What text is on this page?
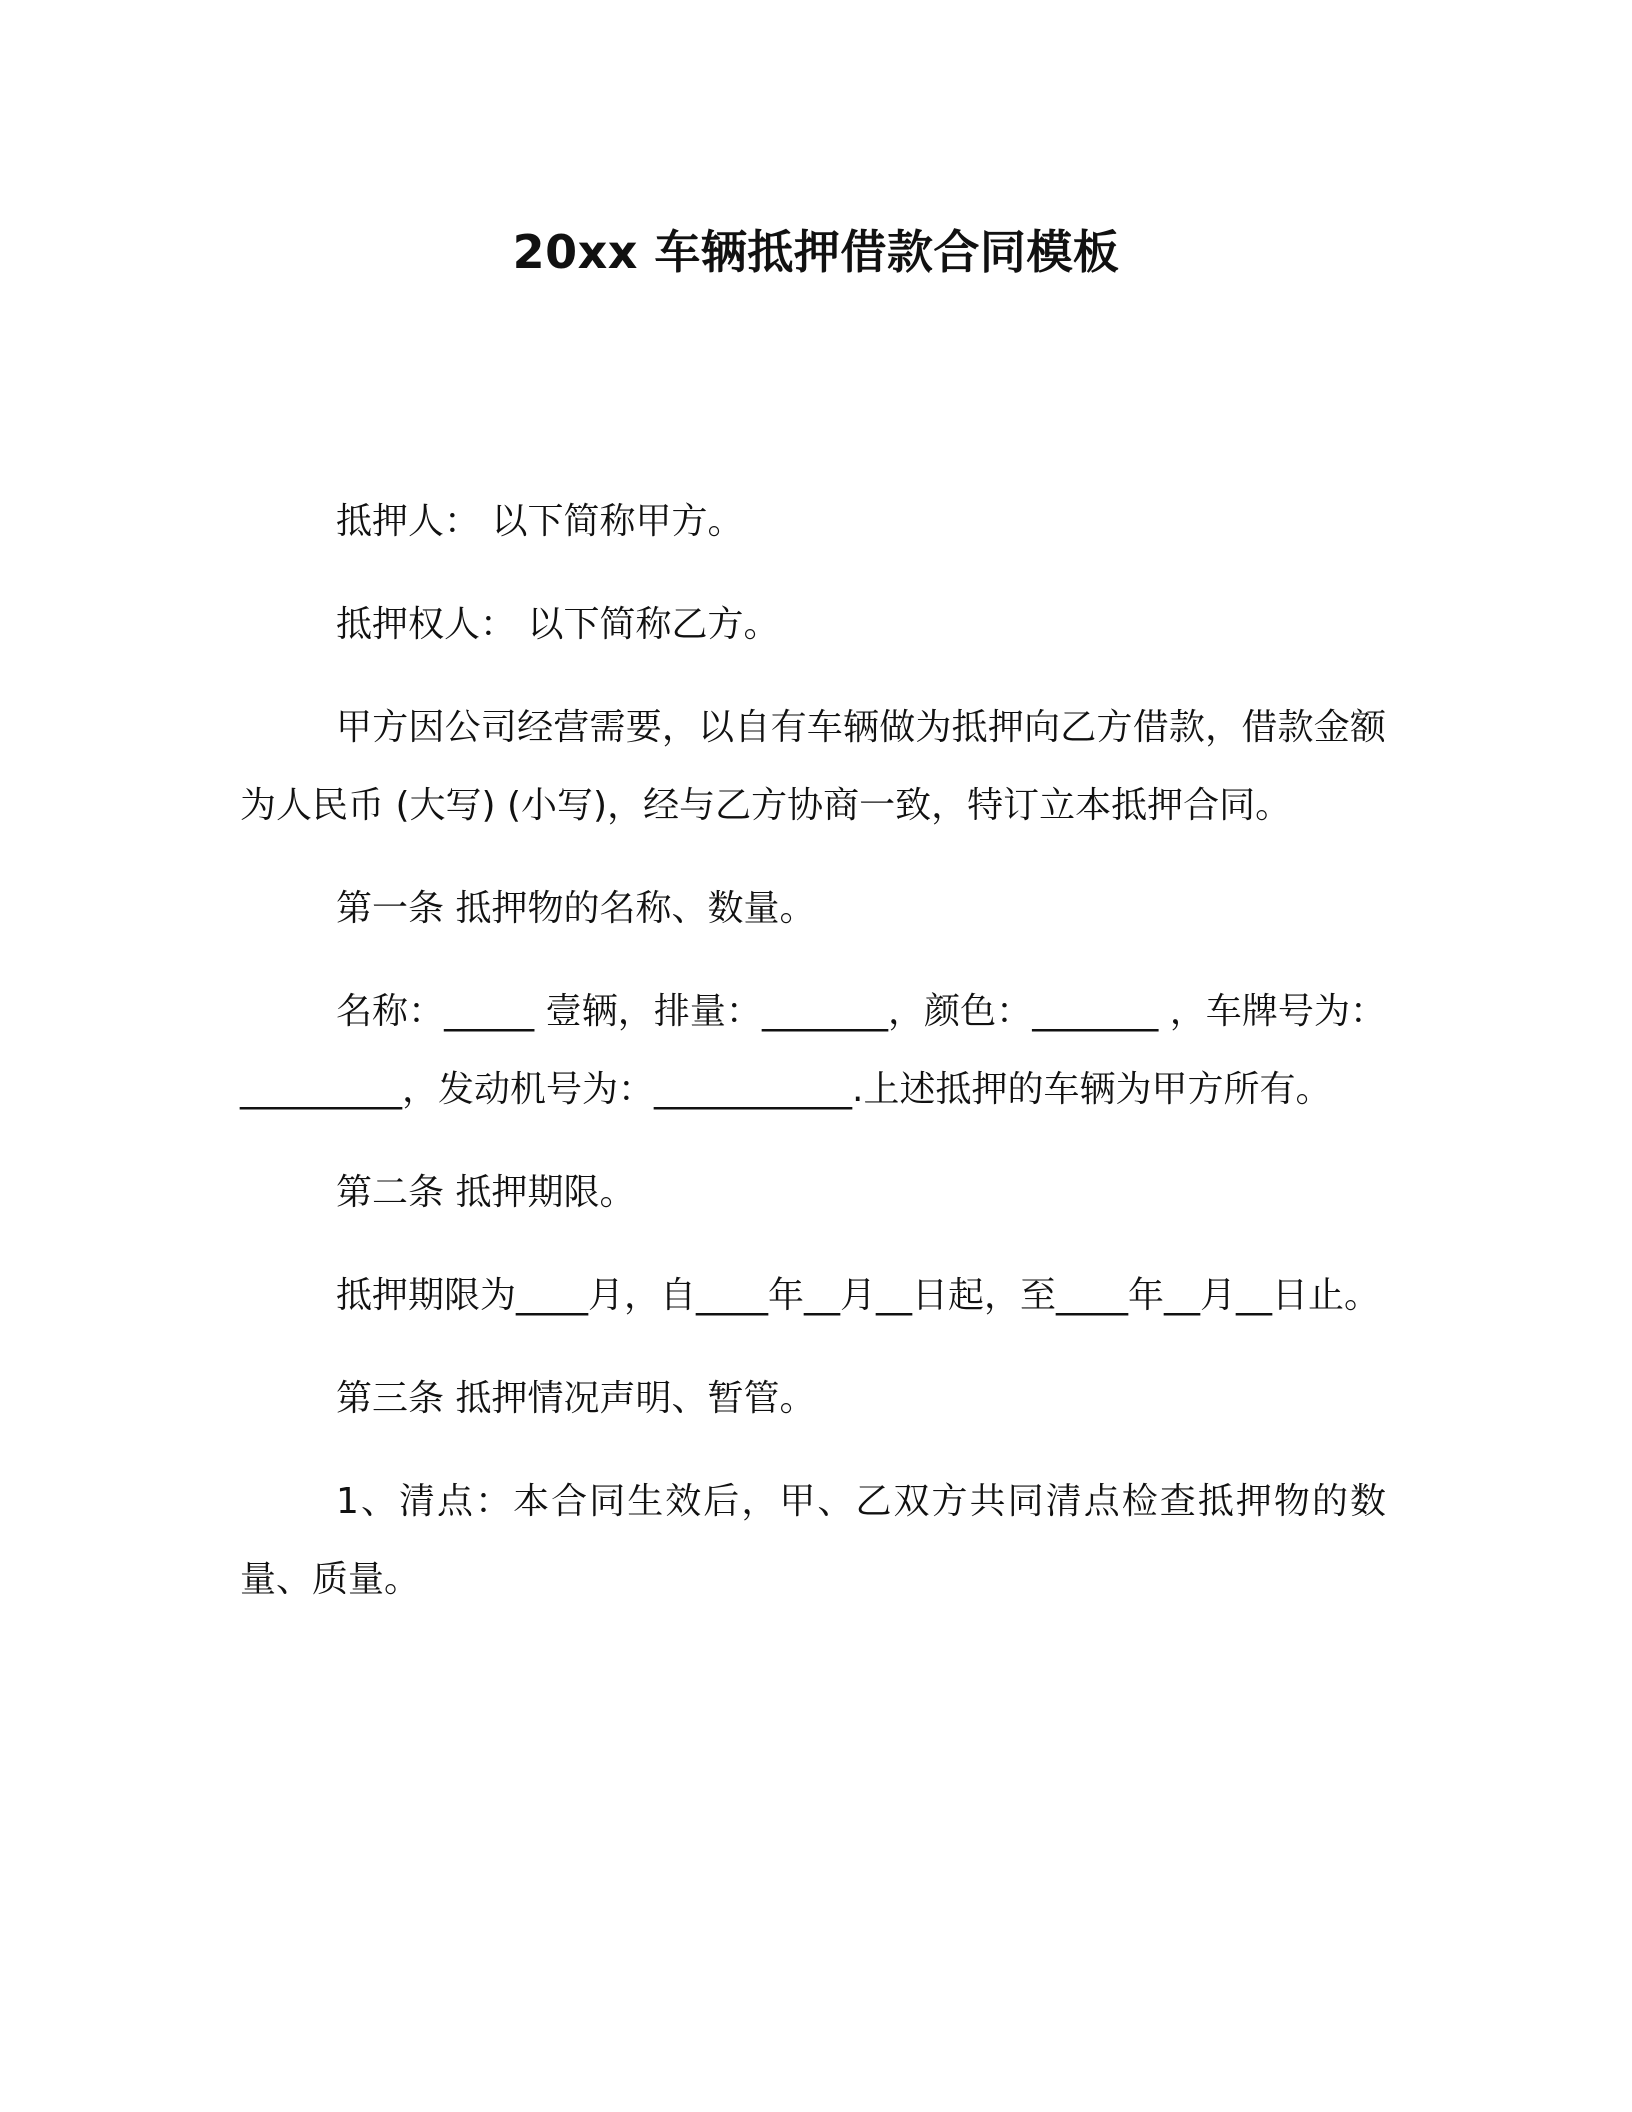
20xx 车辆抵押借款合同模板

抵押人： 以下简称甲方。

抵押权人： 以下简称乙方。

甲方因公司经营需要，以自有车辆做为抵押向乙方借款，借款金额为人民币 (大写) (小写)，经与乙方协商一致，特订立本抵押合同。

第一条 抵押物的名称、数量。

名称：_____ 壹辆，排量：_______，颜色：_______ ，车牌号为：_________，发动机号为：___________.上述抵押的车辆为甲方所有。

第二条 抵押期限。

抵押期限为____月，自____年__月__日起，至____年__月__日止。

第三条 抵押情况声明、暂管。

1、清点：本合同生效后，甲、乙双方共同清点检查抵押物的数量、质量。
